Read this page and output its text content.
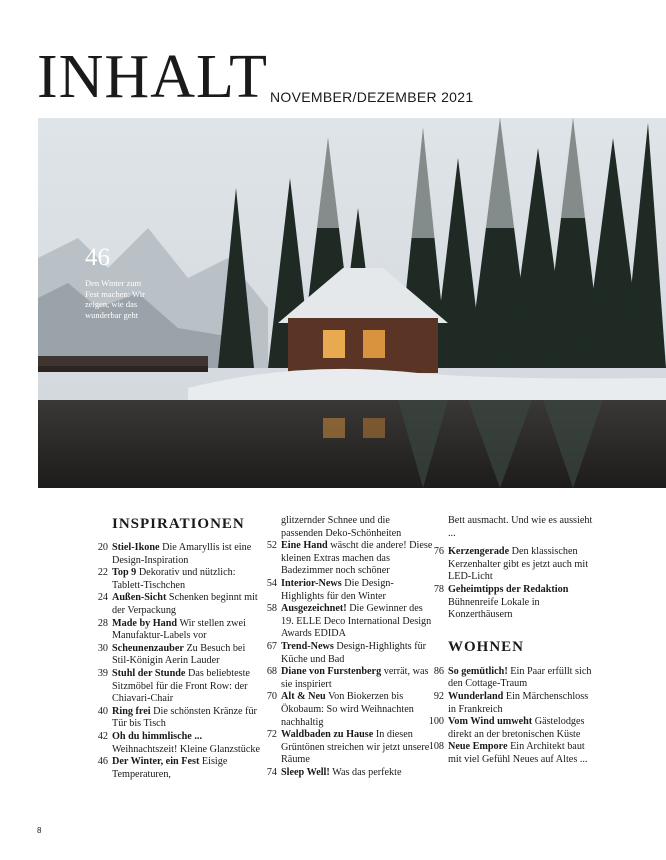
INHALT NOVEMBER/DEZEMBER 2021
46
Den Winter zum Fest machen: Wir zeigen, wie das wunderbar geht
INSPIRATIONEN
20 Stiel-Ikone Die Amaryllis ist eine Design-Inspiration
22 Top 9 Dekorativ und nützlich: Tablett-Tischchen
24 Außen-Sicht Schenken beginnt mit der Verpackung
28 Made by Hand Wir stellen zwei Manufaktur-Labels vor
30 Scheunenzauber Zu Besuch bei Stil-Königin Aerin Lauder
39 Stuhl der Stunde Das beliebteste Sitzmöbel für die Front Row: der Chiavari-Chair
40 Ring frei Die schönsten Kränze für Tür bis Tisch
42 Oh du himmlische ... Weihnachtszeit! Kleine Glanzstücke
46 Der Winter, ein Fest Eisige Temperaturen,
glitzernder Schnee und die passenden Deko-Schönheiten
52 Eine Hand wäscht die andere! Diese kleinen Extras machen das Badezimmer noch schöner
54 Interior-News Die Design-Highlights für den Winter
58 Ausgezeichnet! Die Gewinner des 19. ELLE Deco International Design Awards EDIDA
67 Trend-News Design-Highlights für Küche und Bad
68 Diane von Furstenberg verrät, was sie inspiriert
70 Alt & Neu Von Biokerzen bis Ökobaum: So wird Weihnachten nachhaltig
72 Waldbaden zu Hause In diesen Grüntönen streichen wir jetzt unsere Räume
74 Sleep Well! Was das perfekte
Bett ausmacht. Und wie es aussieht ...
76 Kerzengerade Den klassischen Kerzenhalter gibt es jetzt auch mit LED-Licht
78 Geheimtipps der Redaktion Bühnenreife Lokale in Konzerthäusern
WOHNEN
86 So gemütlich! Ein Paar erfüllt sich den Cottage-Traum
92 Wunderland Ein Märchenschloss in Frankreich
100 Vom Wind umweht Gästelodges direkt an der bretonischen Küste
108 Neue Empore Ein Architekt baut mit viel Gefühl Neues auf Altes ...
8
